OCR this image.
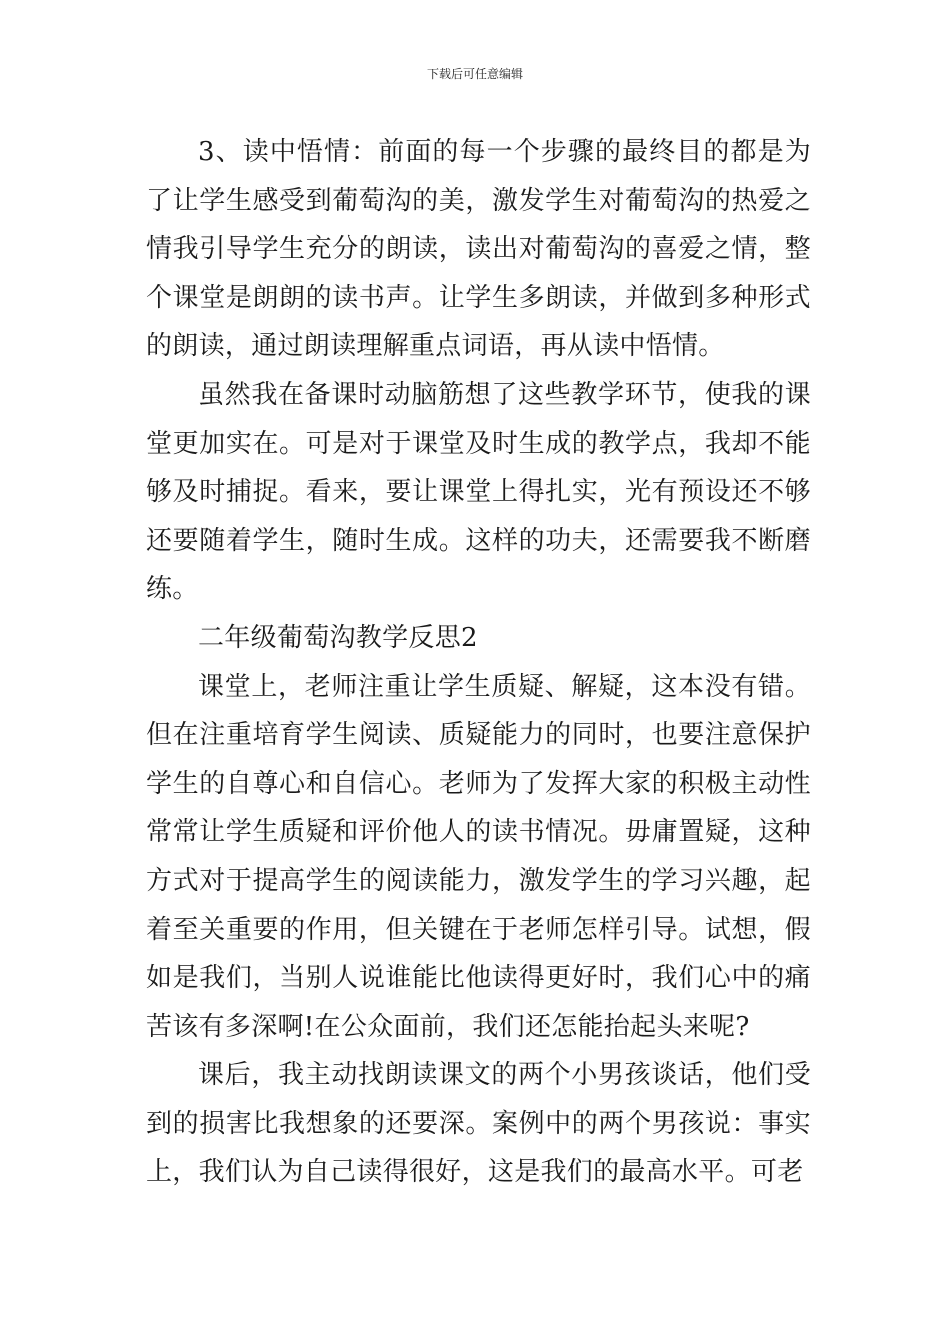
下载后可任意编辑

3、读中悟情：前面的每一个步骤的最终目的都是为了让学生感受到葡萄沟的美，激发学生对葡萄沟的热爱之情我引导学生充分的朗读，读出对葡萄沟的喜爱之情，整个课堂是朗朗的读书声。让学生多朗读，并做到多种形式的朗读，通过朗读理解重点词语，再从读中悟情。

虽然我在备课时动脑筋想了这些教学环节，使我的课堂更加实在。可是对于课堂及时生成的教学点，我却不能够及时捕捉。看来，要让课堂上得扎实，光有预设还不够还要随着学生，随时生成。这样的功夫，还需要我不断磨练。

二年级葡萄沟教学反思2

课堂上，老师注重让学生质疑、解疑，这本没有错。但在注重培育学生阅读、质疑能力的同时，也要注意保护学生的自尊心和自信心。老师为了发挥大家的积极主动性常常让学生质疑和评价他人的读书情况。毋庸置疑，这种方式对于提高学生的阅读能力，激发学生的学习兴趣，起着至关重要的作用，但关键在于老师怎样引导。试想，假如是我们，当别人说谁能比他读得更好时，我们心中的痛苦该有多深啊!在公众面前，我们还怎能抬起头来呢?

课后，我主动找朗读课文的两个小男孩谈话，他们受到的损害比我想象的还要深。案例中的两个男孩说：事实上，我们认为自己读得很好，这是我们的最高水平。可老
